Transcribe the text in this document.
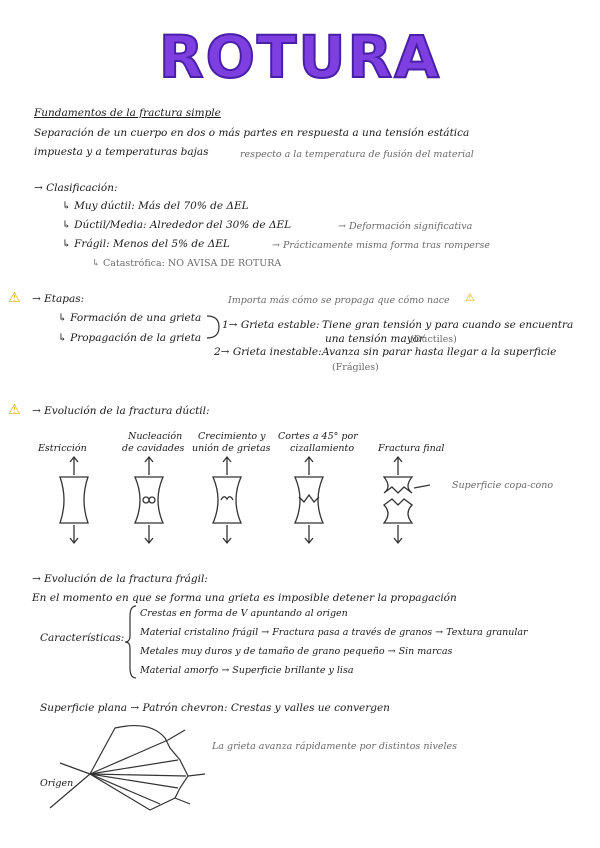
ROTURA
Fundamentos de la fractura simple
Separación de un cuerpo en dos o más partes en respuesta a una tensión estática
impuesta y a temperaturas bajas	respecto a la temperatura de fusión del material
→ Clasificación:
↳ Muy dúctil: Más del 70% de ΔEL
↳ Dúctil/Media: Alrededor del 30% de ΔEL	→ Deformación significativa
↳ Frágil: Menos del 5% de ΔEL	→ Prácticamente misma forma tras romperse
↳ Catastrófica: NO AVISA DE ROTURA
⚠ → Etapas:	Importa más cómo se propaga que cómo nace ⚠
↳ Formación de una grieta
↳ Propagación de la grieta
1→ Grieta estable: Tiene gran tensión y para cuando se encuentra
una tensión mayor
(Dúctiles)
2→ Grieta inestable: Avanza sin parar hasta llegar a la superficie
(Frágiles)
⚠ → Evolución de la fractura dúctil:
Estricción
Nucleación
de cavidades
Crecimiento y
unión de grietas
Cortes a 45° por
cizallamiento	Fractura final
Superficie copa-cono
→ Evolución de la fractura frágil:
En el momento en que se forma una grieta es imposible detener la propagación
Características:
Crestas en forma de V apuntando al origen
Material cristalino frágil → Fractura pasa a través de granos → Textura granular
Metales muy duros y de tamaño de grano pequeño → Sin marcas
Material amorfo → Superficie brillante y lisa
Superficie plana → Patrón chevron: Crestas y valles ue convergen
Origen
La grieta avanza rápidamente por distintos niveles
